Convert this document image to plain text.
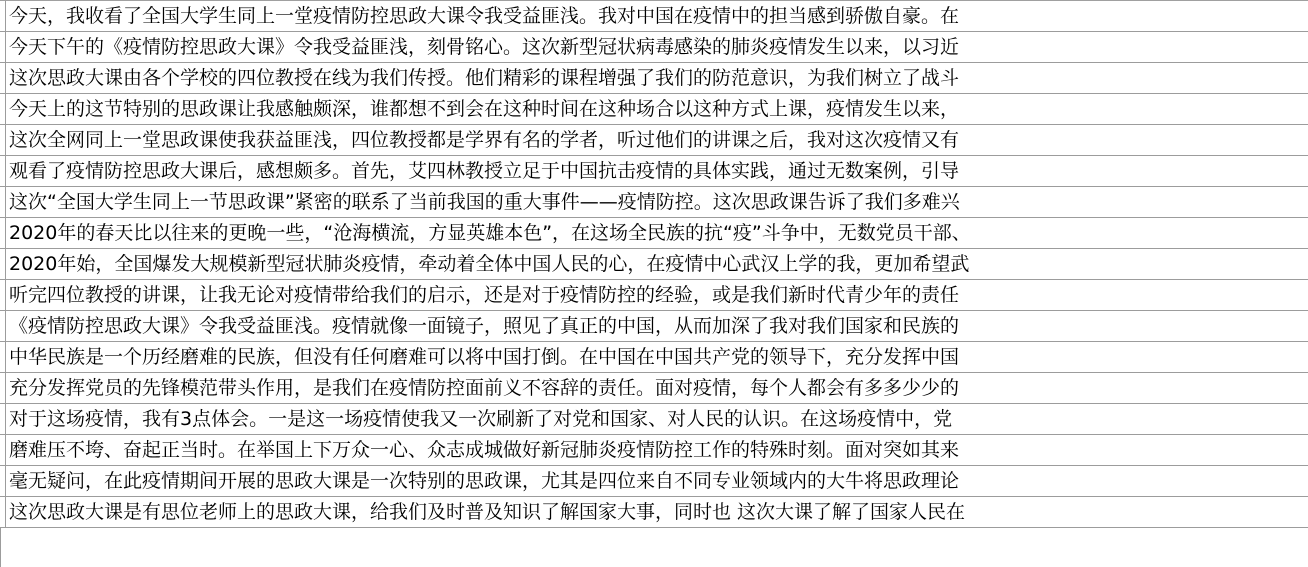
今天，我收看了全国大学生同上一堂疫情防控思政大课令我受益匪浅。我对中国在疫情中的担当感到骄傲自豪。在
今天下午的《疫情防控思政大课》令我受益匪浅，刻骨铭心。这次新型冠状病毒感染的肺炎疫情发生以来，以习近
这次思政大课由各个学校的四位教授在线为我们传授。他们精彩的课程增强了我们的防范意识，为我们树立了战斗
今天上的这节特别的思政课让我感触颇深，谁都想不到会在这种时间在这种场合以这种方式上课，疫情发生以来，
这次全网同上一堂思政课使我获益匪浅，四位教授都是学界有名的学者，听过他们的讲课之后，我对这次疫情又有
观看了疫情防控思政大课后，感想颇多。首先，艾四林教授立足于中国抗击疫情的具体实践，通过无数案例，引导
这次“全国大学生同上一节思政课”紧密的联系了当前我国的重大事件——疫情防控。这次思政课告诉了我们多难兴
2020年的春天比以往来的更晚一些，“沧海横流，方显英雄本色”，在这场全民族的抗“疫”斗争中，无数党员干部、
2020年始，全国爆发大规模新型冠状肺炎疫情，牵动着全体中国人民的心，在疫情中心武汉上学的我，更加希望武
听完四位教授的讲课，让我无论对疫情带给我们的启示，还是对于疫情防控的经验，或是我们新时代青少年的责任
《疫情防控思政大课》令我受益匪浅。疫情就像一面镜子，照见了真正的中国，从而加深了我对我们国家和民族的
中华民族是一个历经磨难的民族，但没有任何磨难可以将中国打倒。在中国在中国共产党的领导下，充分发挥中国
充分发挥党员的先锋模范带头作用，是我们在疫情防控面前义不容辞的责任。面对疫情，每个人都会有多多少少的
对于这场疫情，我有3点体会。一是这一场疫情使我又一次刷新了对党和国家、对人民的认识。在这场疫情中，党
磨难压不垮、奋起正当时。在举国上下万众一心、众志成城做好新冠肺炎疫情防控工作的特殊时刻。面对突如其来
毫无疑问，在此疫情期间开展的思政大课是一次特别的思政课，尤其是四位来自不同专业领域内的大牛将思政理论
这次思政大课是有思位老师上的思政大课，给我们及时普及知识了解国家大事，同时也 这次大课了解了国家人民在
